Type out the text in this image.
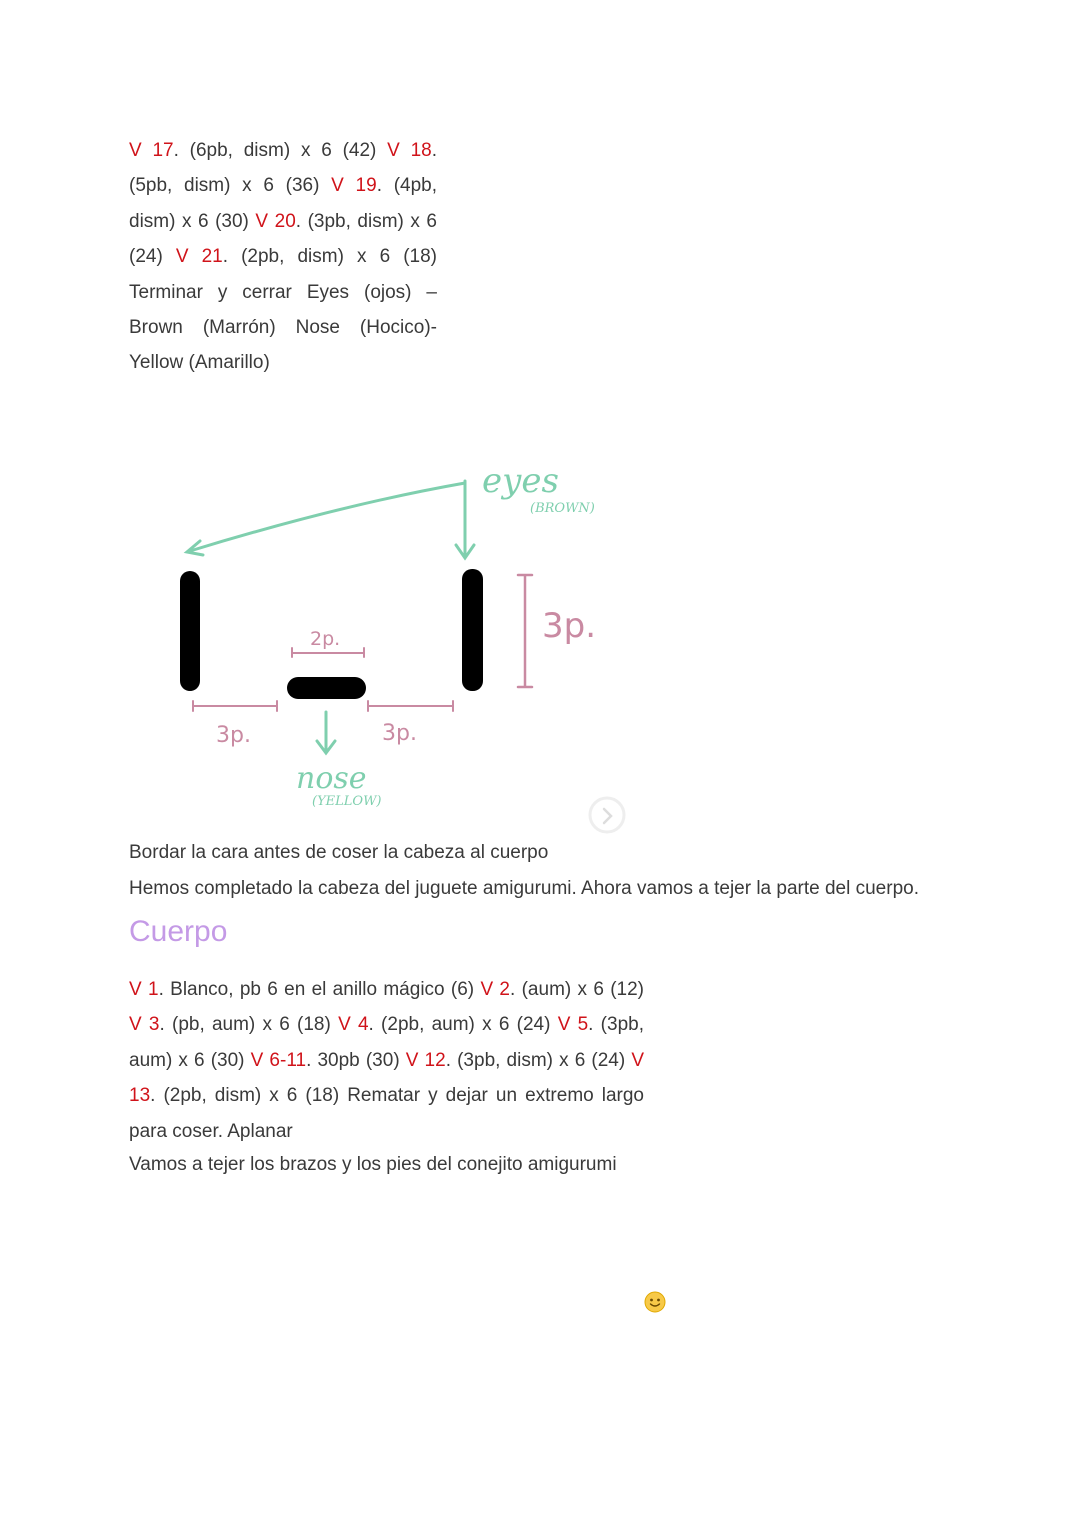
V 17. (6pb, dism) x 6 (42) V 18. (5pb, dism) x 6 (36) V 19. (4pb, dism) x 6 (30) V 20. (3pb, dism) x 6 (24) V 21. (2pb, dism) x 6 (18) Terminar y cerrar Eyes (ojos) – Brown (Marrón) Nose (Hocico)- Yellow (Amarillo)
eyes
(BROWN)
3p.
2p.
3p.	3p.
nose
(YELLOW)
Bordar la cara antes de coser la cabeza al cuerpo
Hemos completado la cabeza del juguete amigurumi. Ahora vamos a tejer la parte del cuerpo.
Cuerpo
V 1. Blanco, pb 6 en el anillo mágico (6) V 2. (aum) x 6 (12) V 3. (pb, aum) x 6 (18) V 4. (2pb, aum) x 6 (24) V 5. (3pb, aum) x 6 (30) V 6-11. 30pb (30) V 12. (3pb, dism) x 6 (24) V 13. (2pb, dism) x 6 (18) Rematar y dejar un extremo largo para coser. Aplanar
Vamos a tejer los brazos y los pies del conejito amigurumi
